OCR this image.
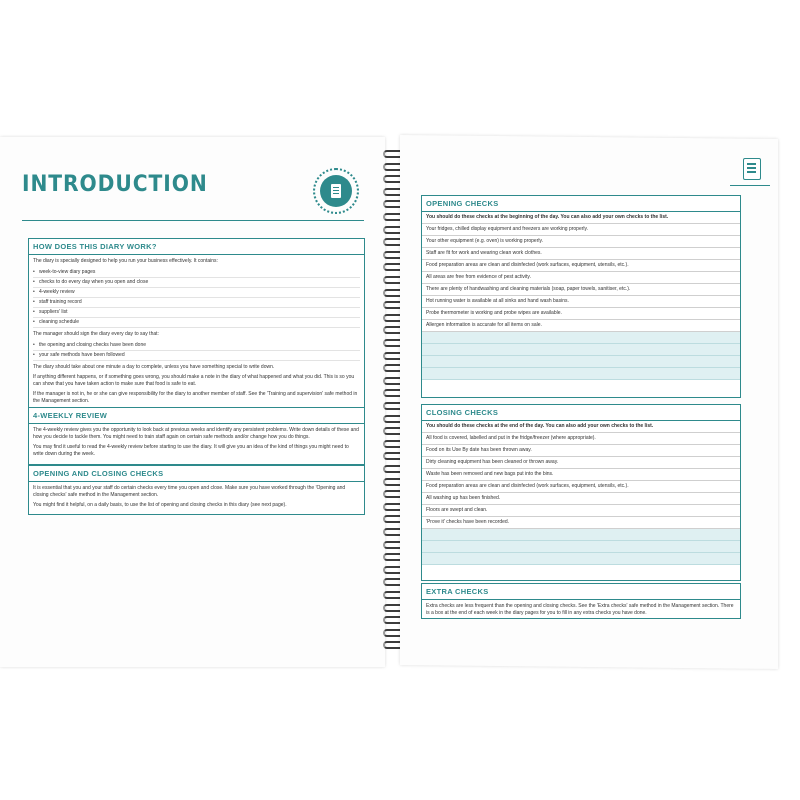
INTRODUCTION
HOW DOES THIS DIARY WORK?

The diary is specially designed to help you run your business effectively. It contains:

• week-to-view diary pages
• checks to do every day when you open and close
• 4-weekly review
• staff training record
• suppliers' list
• cleaning schedule

The manager should sign the diary every day to say that:

• the opening and closing checks have been done
• your safe methods have been followed

The diary should take about one minute a day to complete, unless you have something special to write down.

If anything different happens, or if something goes wrong, you should make a note in the diary of what happened and what you did. This is so you can show that you have taken action to make sure that food is safe to eat.

If the manager is not in, he or she can give responsibility for the diary to another member of staff. See the 'Training and supervision' safe method in the Management section.

4-WEEKLY REVIEW

The 4-weekly review gives you the opportunity to look back at previous weeks and identify any persistent problems. Write down details of these and how you decide to tackle them. You might need to train staff again on certain safe methods and/or change how you do things.

You may find it useful to read the 4-weekly review before starting to use the diary. It will give you an idea of the kind of things you might need to write down during the week.

OPENING AND CLOSING CHECKS

It is essential that you and your staff do certain checks every time you open and close. Make sure you have worked through the 'Opening and closing checks' safe method in the Management section.

You might find it helpful, on a daily basis, to use the list of opening and closing checks in this diary (see next page).

OPENING CHECKS
You should do these checks at the beginning of the day. You can also add your own checks to the list.
Your fridges, chilled display equipment and freezers are working properly.
Your other equipment (e.g. oven) is working properly.
Staff are fit for work and wearing clean work clothes.
Food preparation areas are clean and disinfected (work surfaces, equipment, utensils, etc.).
All areas are free from evidence of pest activity.
There are plenty of handwashing and cleaning materials (soap, paper towels, sanitiser, etc.).
Hot running water is available at all sinks and hand wash basins.
Probe thermometer is working and probe wipes are available.
Allergen information is accurate for all items on sale.
CLOSING CHECKS
You should do these checks at the end of the day. You can also add your own checks to the list.
All food is covered, labelled and put in the fridge/freezer (where appropriate).
Food on its Use By date has been thrown away.
Dirty cleaning equipment has been cleaned or thrown away.
Waste has been removed and new bags put into the bins.
Food preparation areas are clean and disinfected (work surfaces, equipment, utensils, etc.).
All washing up has been finished.
Floors are swept and clean.
'Prove it' checks have been recorded.
EXTRA CHECKS

Extra checks are less frequent than the opening and closing checks. See the 'Extra checks' safe method in the Management section. There is a box at the end of each week in the diary pages for you to fill in any extra checks you have done.
